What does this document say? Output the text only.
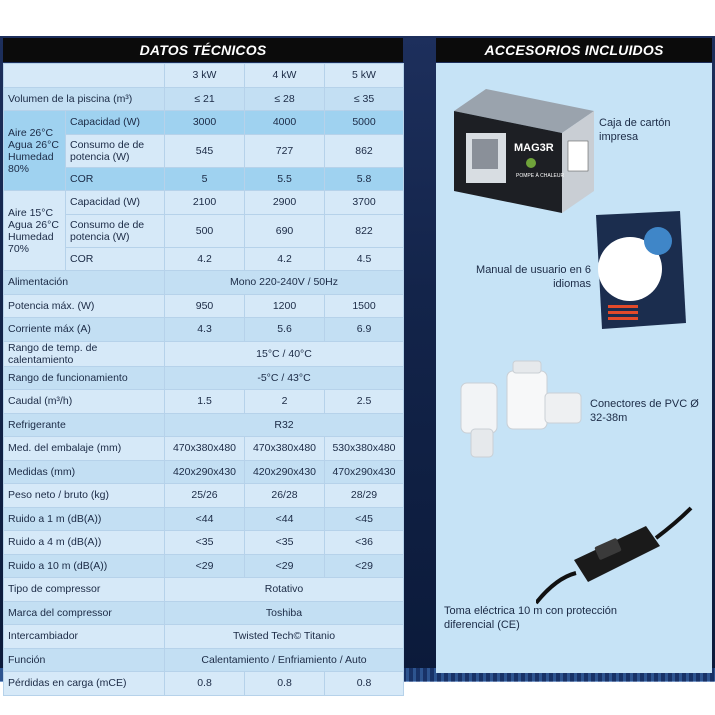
DATOS TÉCNICOS	ACCESORIOS INCLUIDOS
		3 kW	4 kW	5 kW
Volumen de la piscina (m³)		≤ 21	≤ 28	≤ 35
Aire 26°C Agua 26°C Humedad 80%	Capacidad (W)	3000	4000	5000
	Consumo de de potencia (W)	545	727	862
	COR	5	5.5	5.8
Aire 15°C Agua 26°C Humedad 70%	Capacidad (W)	2100	2900	3700
	Consumo de de potencia (W)	500	690	822
	COR	4.2	4.2	4.5
Alimentación		Mono 220-240V / 50Hz		
Potencia máx. (W)		950	1200	1500
Corriente máx (A)		4.3	5.6	6.9
Rango de temp. de calentamiento		15°C / 40°C		
Rango de funcionamiento		-5°C / 43°C		
Caudal (m³/h)		1.5	2	2.5
Refrigerante		R32		
Med. del embalaje (mm)		470x380x480	470x380x480	530x380x480
Medidas (mm)		420x290x430	420x290x430	470x290x430
Peso neto / bruto (kg)		25/26	26/28	28/29
Ruido a 1 m (dB(A))		<44	<44	<45
Ruido a 4 m (dB(A))		<35	<35	<36
Ruido a 10 m (dB(A))		<29	<29	<29
Tipo de compressor		Rotativo		
Marca del compressor		Toshiba		
Intercambiador		Twisted Tech© Titanio		
Función		Calentamiento / Enfriamiento / Auto		
Pérdidas en carga (mCE)		0.8	0.8	0.8
MAG3R
POMPE À CHALEUR
Caja de cartón impresa
Manual de usuario en 6 idiomas
Conectores de PVC Ø 32-38m
Toma eléctrica 10 m con protección diferencial (CE)
